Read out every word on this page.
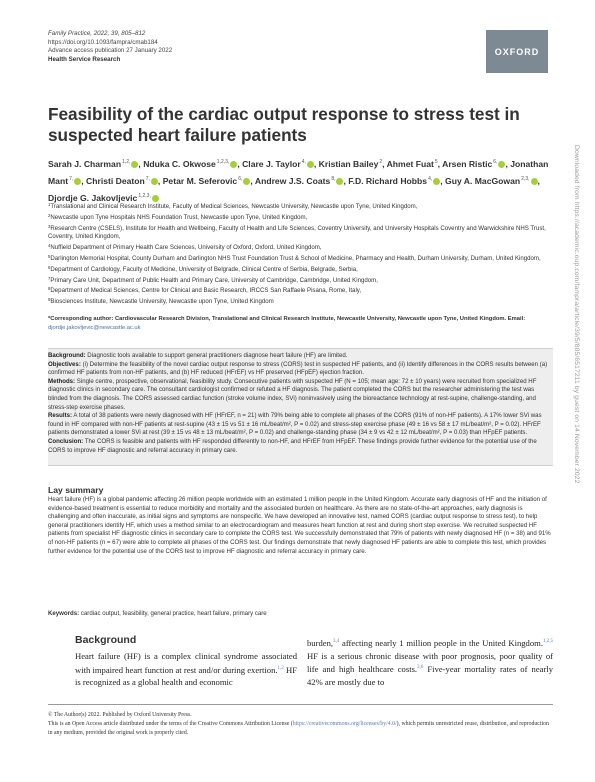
Family Practice, 2022, 39, 805–812
https://doi.org/10.1093/fampra/cmab184
Advance access publication 27 January 2022
Health Service Research
OXFORD
Feasibility of the cardiac output response to stress test in suspected heart failure patients
Sarah J. Charman$^{1,2,}$ , Nduka C. Okwose$^{1,2,3,}$ , Clare J. Taylor$^{4,}$ , Kristian Bailey$^2$, Ahmet Fuat$^5$, Arsen Ristic$^{6,}$ , Jonathan Mant$^{7,}$ , Christi Deaton$^{7,}$ , Petar M. Seferovic$^{6,}$ , Andrew J.S. Coats$^{8,}$ , F.D. Richard Hobbs$^{4,}$ , Guy A. MacGowan$^{2,3,}$ , Djordje G. Jakovljevic$^{1,2,3,}$
$^1$Translational and Clinical Research Institute, Faculty of Medical Sciences, Newcastle University, Newcastle upon Tyne, United Kingdom,
$^2$Newcastle upon Tyne Hospitals NHS Foundation Trust, Newcastle upon Tyne, United Kingdom,
$^3$Research Centre (CSELS), Institute for Health and Wellbeing, Faculty of Health and Life Sciences, Coventry University, and University Hospitals Coventry and Warwickshire NHS Trust, Coventry, United Kingdom,
$^4$Nuffield Department of Primary Health Care Sciences, University of Oxford, Oxford, United Kingdom,
$^5$Darlington Memorial Hospital, County Durham and Darlington NHS Trust Foundation Trust & School of Medicine, Pharmacy and Health, Durham University, Durham, United Kingdom,
$^6$Department of Cardiology, Faculty of Medicine, University of Belgrade, Clinical Centre of Serbia, Belgrade, Serbia,
$^7$Primary Care Unit, Department of Public Health and Primary Care, University of Cambridge, Cambridge, United Kingdom,
$^8$Department of Medical Sciences, Centre for Clinical and Basic Research, IRCCS San Raffaele Pisana, Rome, Italy,
$^9$Biosciences Institute, Newcastle University, Newcastle upon Tyne, United Kingdom
*Corresponding author: Cardiovascular Research Division, Translational and Clinical Research Institute, Newcastle University, Newcastle upon Tyne, United Kingdom. Email: djordje.jakovljevic@newcastle.ac.uk

Background: Diagnostic tools available to support general practitioners diagnose heart failure (HF) are limited.

Objectives: (i) Determine the feasibility of the novel cardiac output response to stress (CORS) test in suspected HF patients, and (ii) Identify differences in the CORS results between (a) confirmed HF patients from non-HF patients, and (b) HF reduced (HFrEF) vs HF preserved (HFpEF) ejection fraction.

Methods: Single centre, prospective, observational, feasibility study. Consecutive patients with suspected HF (N = 105; mean age: 72 ± 10 years) were recruited from specialized HF diagnostic clinics in secondary care. The consultant cardiologist confirmed or refuted a HF diagnosis. The patient completed the CORS but the researcher administering the test was blinded from the diagnosis. The CORS assessed cardiac function (stroke volume index, SVi) noninvasively using the bioreactance technology at rest-supine, challenge-standing, and stress-step exercise phases.

Results: A total of 38 patients were newly diagnosed with HF (HFrEF, n = 21) with 79% being able to complete all phases of the CORS (91% of non-HF patients). A 17% lower SVi was found in HF compared with non-HF patients at rest-supine (43 ± 15 vs 51 ± 16 mL/beat/m², P = 0.02) and stress-step exercise phase (49 ± 16 vs 58 ± 17 mL/beat/m², P = 0.02). HFrEF patients demonstrated a lower SVi at rest (39 ± 15 vs 48 ± 13 mL/beat/m², P = 0.02) and challenge-standing phase (34 ± 9 vs 42 ± 12 mL/beat/m², P = 0.03) than HFpEF patients.

Conclusion: The CORS is feasible and patients with HF responded differently to non-HF, and HFrEF from HFpEF. These findings provide further evidence for the potential use of the CORS to improve HF diagnostic and referral accuracy in primary care.

Lay summary
Heart failure (HF) is a global pandemic affecting 26 million people worldwide with an estimated 1 million people in the United Kingdom. Accurate early diagnosis of HF and the initiation of evidence-based treatment is essential to reduce morbidity and mortality and the associated burden on healthcare. As there are no state-of-the-art approaches, early diagnosis is challenging and often inaccurate, as initial signs and symptoms are nonspecific. We have developed an innovative test, named CORS (cardiac output response to stress test), to help general practitioners identify HF, which uses a method similar to an electrocardiogram and measures heart function at rest and during short step exercise. We recruited suspected HF patients from specialist HF diagnostic clinics in secondary care to complete the CORS test. We successfully demonstrated that 79% of patients with newly diagnosed HF (n = 38) and 91% of non-HF patients (n = 67) were able to complete all phases of the CORS test. Our findings demonstrate that newly diagnosed HF patients are able to complete this test, which provides further evidence for the potential use of the CORS test to improve HF diagnostic and referral accuracy in primary care.
Keywords: cardiac output, feasibility, general practice, heart failure, primary care
Background
Heart failure (HF) is a complex clinical syndrome associated with impaired heart function at rest and/or during exertion.$^{1,2}$ HF is recognized as a global health and economic
burden,$^{3,4}$ affecting nearly 1 million people in the United Kingdom.$^{1,2,5}$ HF is a serious chronic disease with poor prognosis, poor quality of life and high healthcare costs.$^{2,6}$ Five-year mortality rates of nearly 42% are mostly due to
© The Author(s) 2022. Published by Oxford University Press.
This is an Open Access article distributed under the terms of the Creative Commons Attribution License (https://creativecommons.org/licenses/by/4.0/), which permits unrestricted reuse, distribution, and reproduction in any medium, provided the original work is properly cited.
Downloaded from https://academic.oup.com/fampra/article/39/5/805/6517211 by guest on 14 November 2022
